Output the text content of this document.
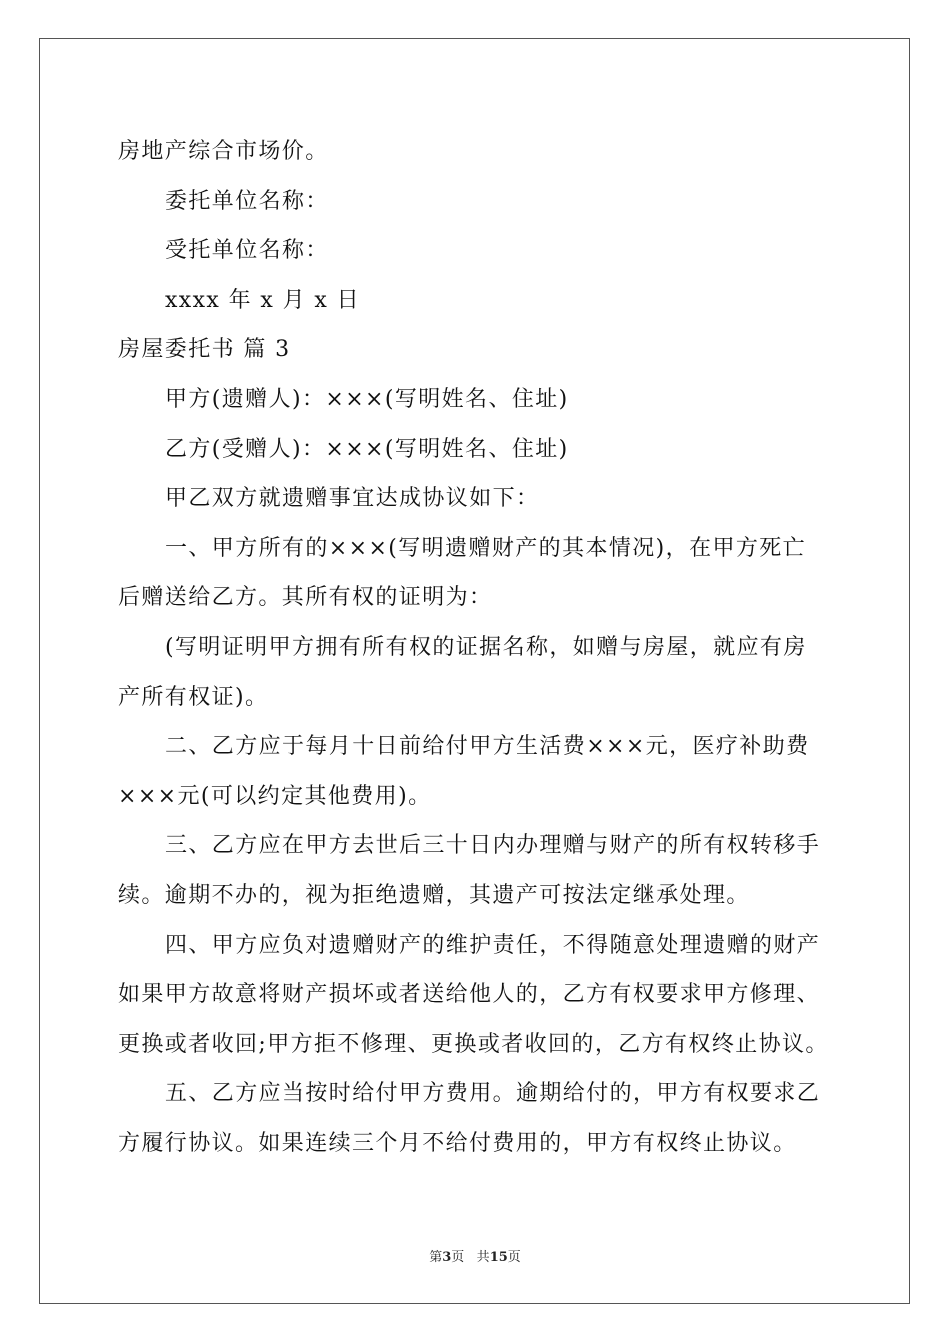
房地产综合市场价。
委托单位名称：
受托单位名称：
xxxx 年 x 月 x 日
房屋委托书 篇 3
甲方(遗赠人)：×××(写明姓名、住址)
乙方(受赠人)：×××(写明姓名、住址)
甲乙双方就遗赠事宜达成协议如下：
一、甲方所有的×××(写明遗赠财产的其本情况)，在甲方死亡
后赠送给乙方。其所有权的证明为：
(写明证明甲方拥有所有权的证据名称，如赠与房屋，就应有房
产所有权证)。
二、乙方应于每月十日前给付甲方生活费×××元，医疗补助费
×××元(可以约定其他费用)。
三、乙方应在甲方去世后三十日内办理赠与财产的所有权转移手
续。逾期不办的，视为拒绝遗赠，其遗产可按法定继承处理。
四、甲方应负对遗赠财产的维护责任，不得随意处理遗赠的财产
如果甲方故意将财产损坏或者送给他人的，乙方有权要求甲方修理、
更换或者收回;甲方拒不修理、更换或者收回的，乙方有权终止协议。
五、乙方应当按时给付甲方费用。逾期给付的，甲方有权要求乙
方履行协议。如果连续三个月不给付费用的，甲方有权终止协议。
第3页 共15页
